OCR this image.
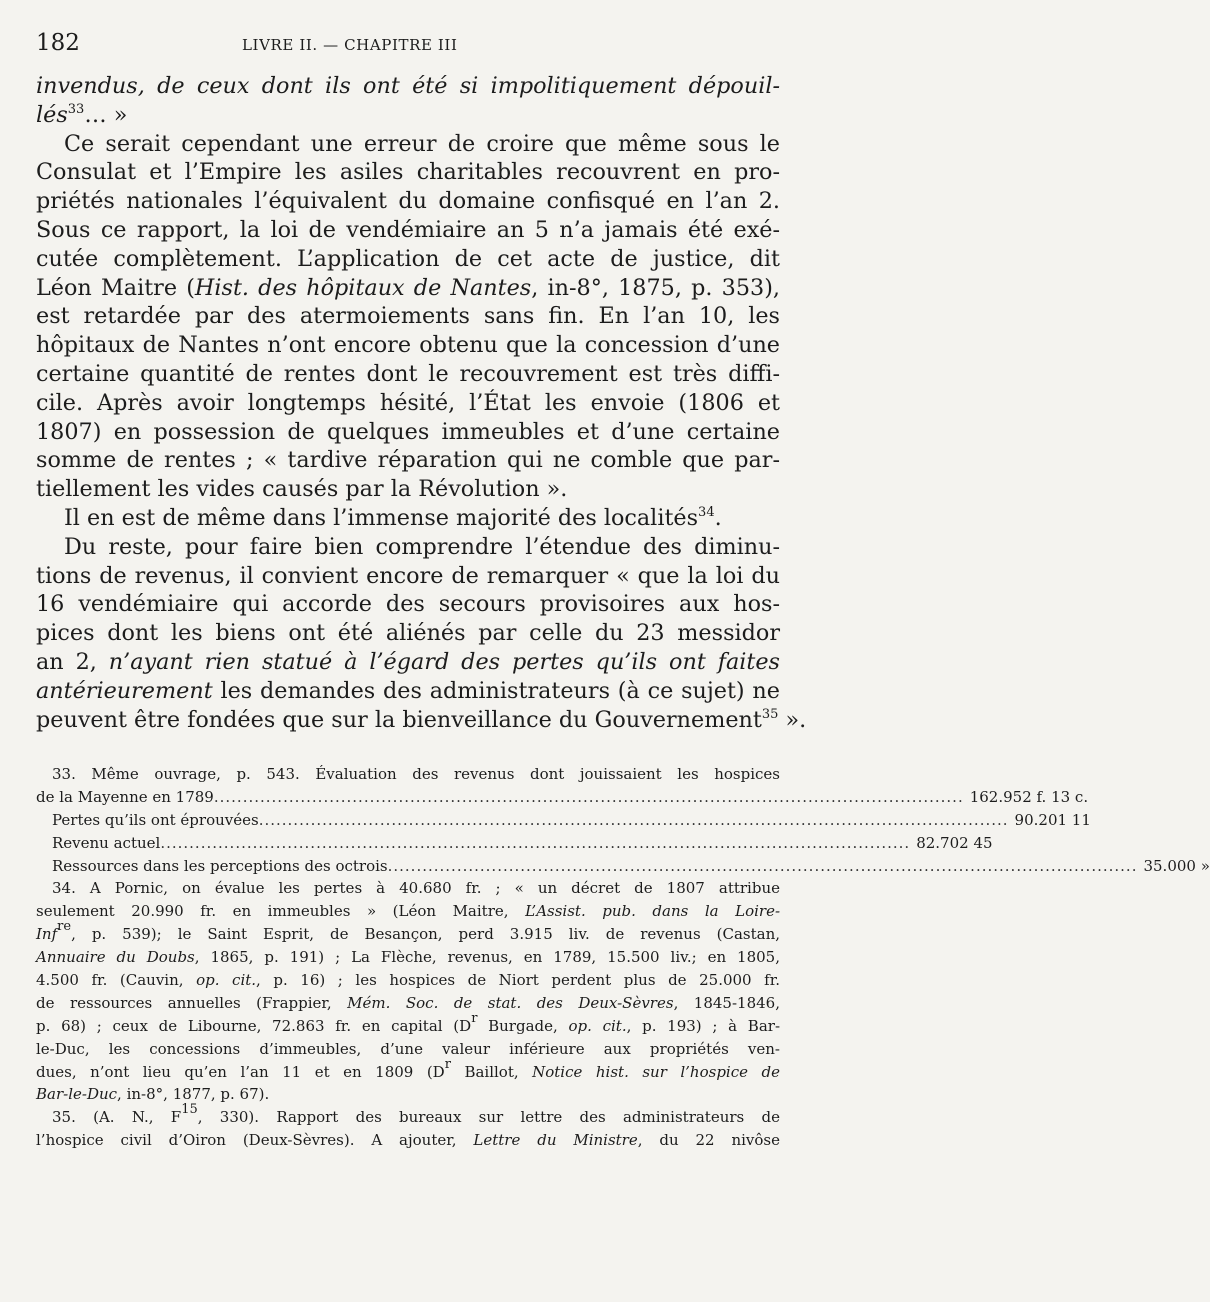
182	LIVRE II. — CHAPITRE III
invendus, de ceux dont ils ont été si impolitiquement dépouil-
lés$^{33}$… »
Ce serait cependant une erreur de croire que même sous le
Consulat et l’Empire les asiles charitables recouvrent en pro-
priétés nationales l’équivalent du domaine confisqué en l’an 2.
Sous ce rapport, la loi de vendémiaire an 5 n’a jamais été exé-
cutée complètement. L’application de cet acte de justice, dit
Léon Maitre (Hist. des hôpitaux de Nantes, in-8°, 1875, p. 353),
est retardée par des atermoiements sans fin. En l’an 10, les
hôpitaux de Nantes n’ont encore obtenu que la concession d’une
certaine quantité de rentes dont le recouvrement est très diffi-
cile. Après avoir longtemps hésité, l’État les envoie (1806 et
1807) en possession de quelques immeubles et d’une certaine
somme de rentes ; « tardive réparation qui ne comble que par-
tiellement les vides causés par la Révolution ».
Il en est de même dans l’immense majorité des localités$^{34}$.
Du reste, pour faire bien comprendre l’étendue des diminu-
tions de revenus, il convient encore de remarquer « que la loi du
16 vendémiaire qui accorde des secours provisoires aux hos-
pices dont les biens ont été aliénés par celle du 23 messidor
an 2, n’ayant rien statué à l’égard des pertes qu’ils ont faites
antérieurement les demandes des administrateurs (à ce sujet) ne
peuvent être fondées que sur la bienveillance du Gouvernement$^{35}$ ».
33. Même ouvrage, p. 543. Évaluation des revenus dont jouissaient les hospices
de la Mayenne en 1789 .................................................................................................................................. 162.952 f. 13 c.
Pertes qu’ils ont éprouvées .................................................................................................................................. 90.201 11
Revenu actuel .................................................................................................................................. 82.702 45
Ressources dans les perceptions des octrois .................................................................................................................................. 35.000 »
34. A Pornic, on évalue les pertes à 40.680 fr. ; « un décret de 1807 attribue
seulement 20.990 fr. en immeubles » (Léon Maitre, L’Assist. pub. dans la Loire-
Inf$^{re}$, p. 539); le Saint Esprit, de Besançon, perd 3.915 liv. de revenus (Castan,
Annuaire du Doubs, 1865, p. 191) ; La Flèche, revenus, en 1789, 15.500 liv.; en 1805,
4.500 fr. (Cauvin, op. cit., p. 16) ; les hospices de Niort perdent plus de 25.000 fr.
de ressources annuelles (Frappier, Mém. Soc. de stat. des Deux-Sèvres, 1845-1846,
p. 68) ; ceux de Libourne, 72.863 fr. en capital ($D^r$ Burgade, op. cit., p. 193) ; à Bar-
le-Duc, les concessions d’immeubles, d’une valeur inférieure aux propriétés ven-
dues, n’ont lieu qu’en l’an 11 et en 1809 ($D^r$ Baillot, Notice hist. sur l’hospice de
Bar-le-Duc, in-8°, 1877, p. 67).
35. (A. N., $F^{15}$, 330). Rapport des bureaux sur lettre des administrateurs de
l’hospice civil d’Oiron (Deux-Sèvres). A ajouter, Lettre du Ministre, du 22 nivôse
